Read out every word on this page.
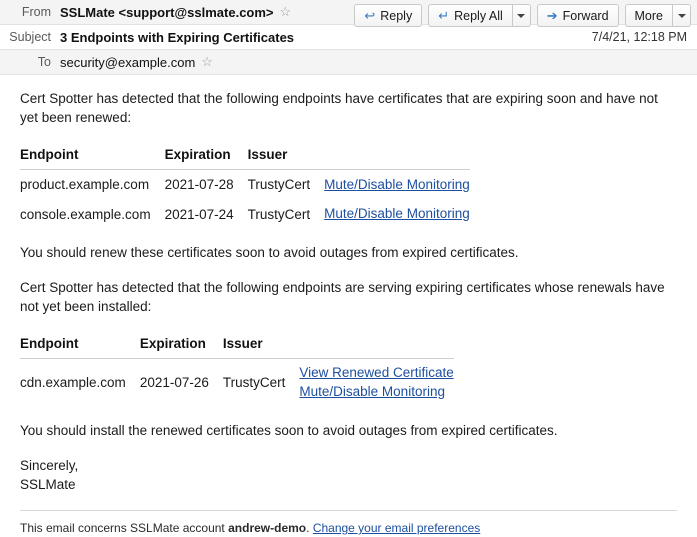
↩ Reply ↵ Reply All	➔ Forward More
From SSLMate <support@sslmate.com> ☆
Subject 3 Endpoints with Expiring Certificates	7/4/21, 12:18 PM
To security@example.com ☆

Cert Spotter has detected that the following endpoints have certificates that are expiring soon and have not yet been renewed:

Endpoint	Expiration	Issuer	
product.example.com	2021-07-28	TrustyCert	Mute/Disable Monitoring

console.example.com	2021-07-24	TrustyCert	Mute/Disable Monitoring

You should renew these certificates soon to avoid outages from expired certificates.

Cert Spotter has detected that the following endpoints are serving expiring certificates whose renewals have not yet been installed:

Endpoint	Expiration	Issuer	
cdn.example.com	2021-07-26	TrustyCert	View Renewed Certificate
Mute/Disable Monitoring

You should install the renewed certificates soon to avoid outages from expired certificates.

Sincerely,
SSLMate
This email concerns SSLMate account andrew-demo. Change your email preferences
